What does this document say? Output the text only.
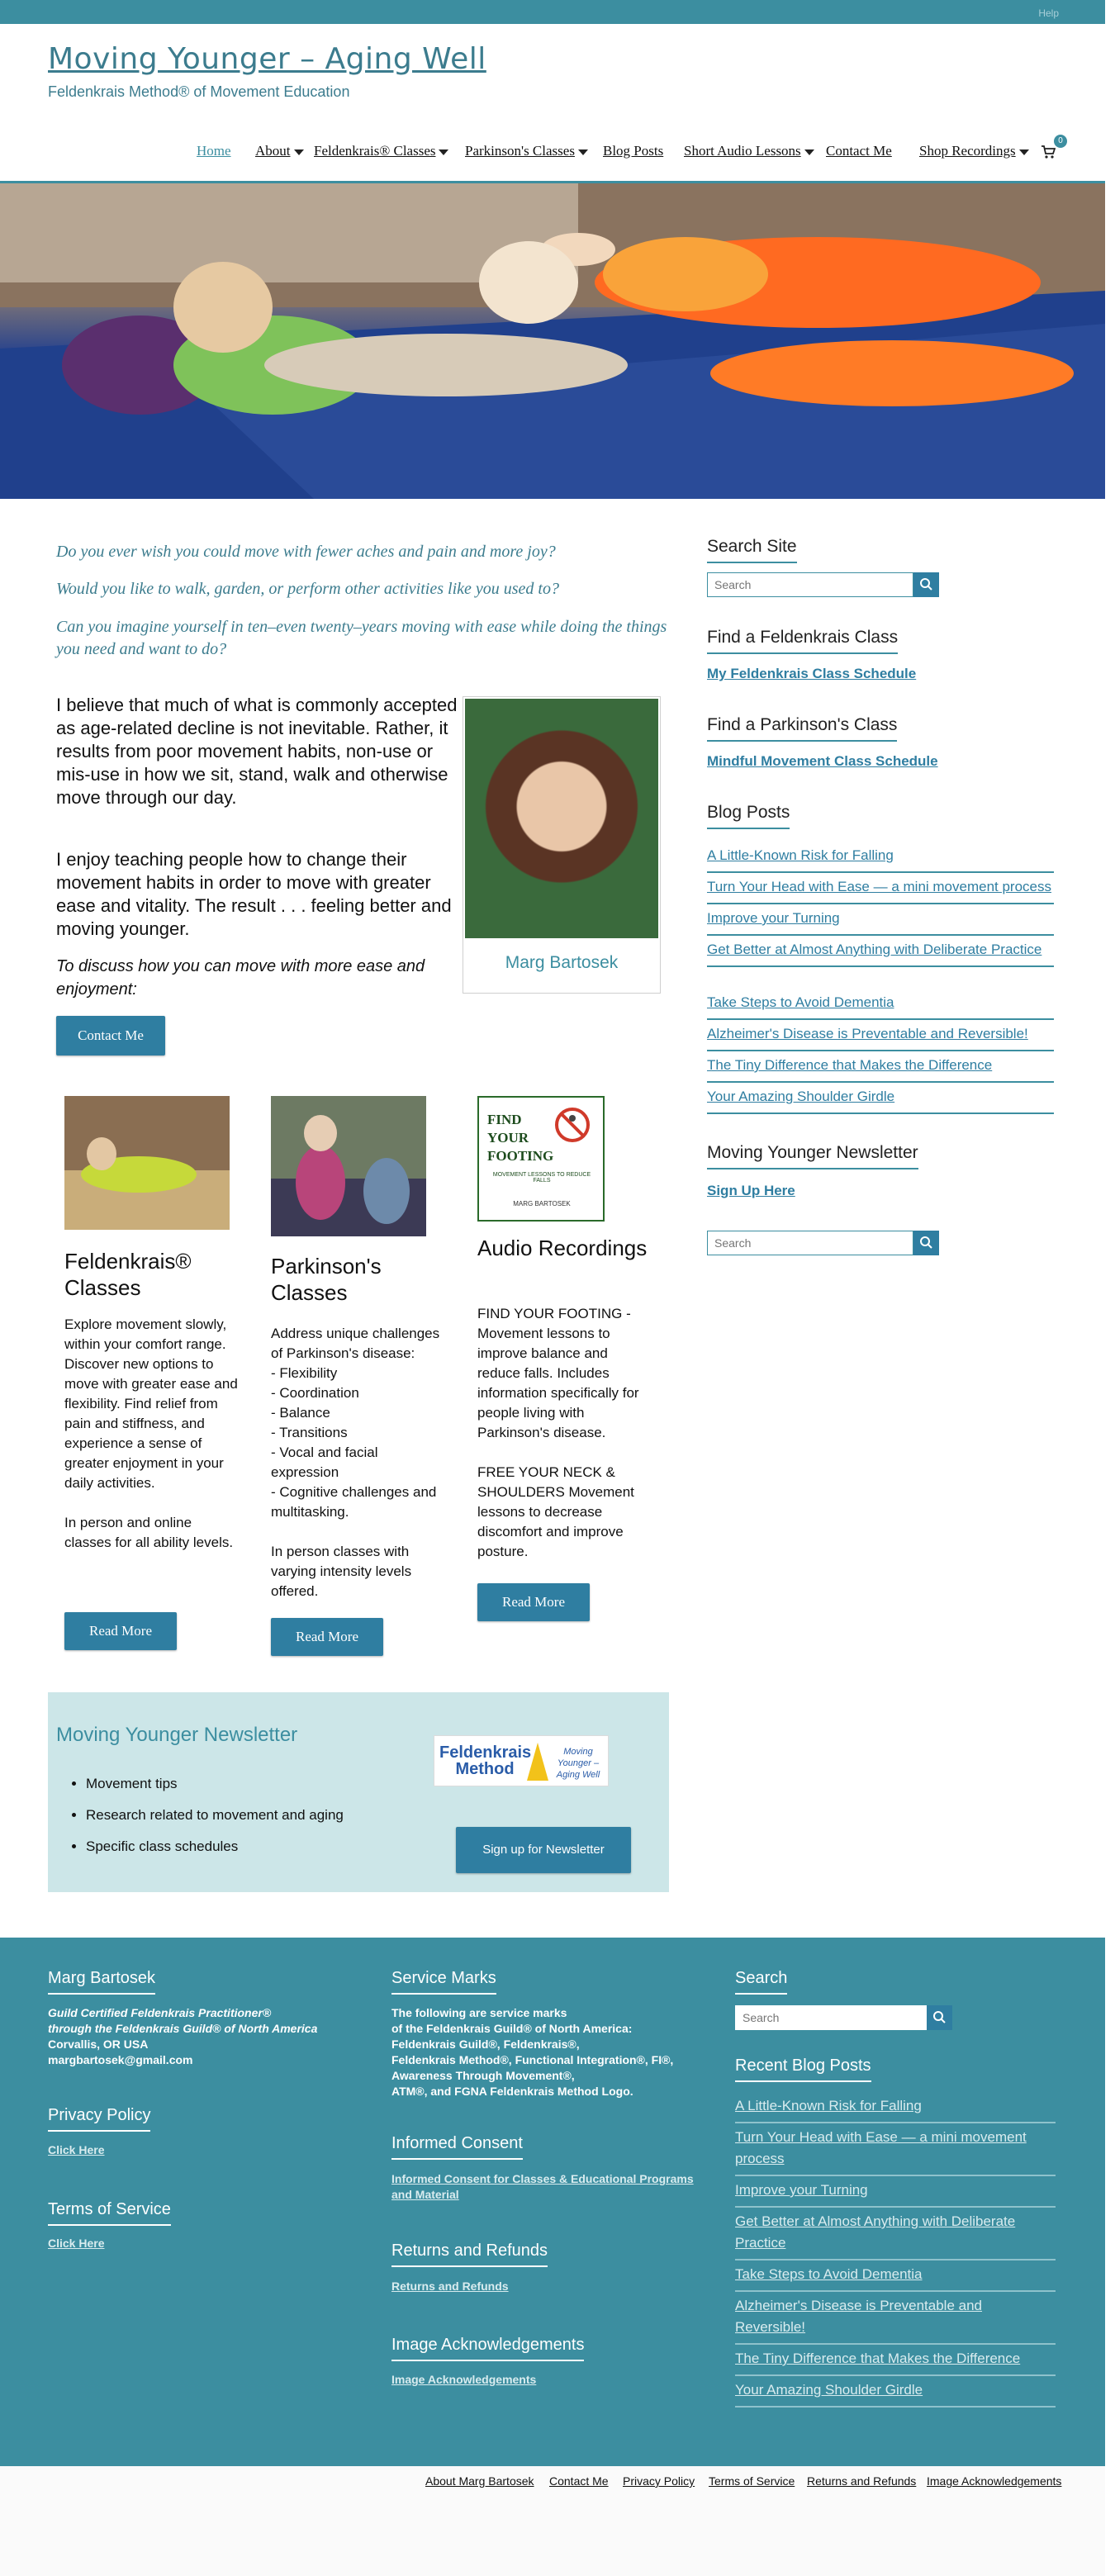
Help
Moving Younger – Aging Well
Feldenkrais Method® of Movement Education
Home About	Feldenkrais® Classes	Parkinson's Classes	Blog Posts Short Audio Lessons	Contact Me Shop Recordings
0

Do you ever wish you could move with fewer aches and pain and more joy?

Would you like to walk, garden, or perform other activities like you used to?

Can you imagine yourself in ten–even twenty–years moving with ease while doing the things you need and want to do?

I believe that much of what is commonly accepted as age-related decline is not inevitable. Rather, it results from poor movement habits, non-use or mis-use in how we sit, stand, walk and otherwise move through our day.

I enjoy teaching people how to change their movement habits in order to move with greater ease and vitality. The result . . . feeling better and moving younger.

To discuss how you can move with more ease and enjoyment:

Contact Me
Marg Bartosek
Feldenkrais® Classes
Explore movement slowly, within your comfort range. Discover new options to move with greater ease and flexibility. Find relief from pain and stiffness, and experience a sense of greater enjoyment in your daily activities.

In person and online classes for all ability levels.
Read More
Parkinson's Classes
Address unique challenges of Parkinson's disease:
- Flexibility
- Coordination
- Balance
- Transitions
- Vocal and facial expression
- Cognitive challenges and multitasking.

In person classes with varying intensity levels offered.
Read More
FIND
YOUR
FOOTING
MOVEMENT LESSONS TO REDUCE FALLS
MARG BARTOSEK
Audio Recordings
FIND YOUR FOOTING - Movement lessons to improve balance and reduce falls. Includes information specifically for people living with Parkinson's disease.

FREE YOUR NECK & SHOULDERS Movement lessons to decrease discomfort and improve posture.
Read More
Moving Younger Newsletter
• Movement tips
• Research related to movement and aging
• Specific class schedules
Feldenkrais Method
Moving Younger – Aging Well
Sign up for Newsletter
Search Site
Search
Find a Feldenkrais Class
My Feldenkrais Class Schedule
Find a Parkinson's Class
Mindful Movement Class Schedule
Blog Posts
A Little-Known Risk for Falling
Turn Your Head with Ease — a mini movement process
Improve your Turning
Get Better at Almost Anything with Deliberate Practice
Take Steps to Avoid Dementia
Alzheimer's Disease is Preventable and Reversible!
The Tiny Difference that Makes the Difference
Your Amazing Shoulder Girdle
Moving Younger Newsletter
Sign Up Here
Search
Marg Bartosek
Guild Certified Feldenkrais Practitioner®
through the Feldenkrais Guild® of North America
Corvallis, OR USA
margbartosek@gmail.com
Privacy Policy
Click Here
Terms of Service
Click Here
Service Marks
The following are service marks
of the Feldenkrais Guild® of North America:
Feldenkrais Guild®, Feldenkrais®,
Feldenkrais Method®, Functional Integration®, FI®,
Awareness Through Movement®,
ATM®, and FGNA Feldenkrais Method Logo.
Informed Consent
Informed Consent for Classes & Educational Programs
and Material
Returns and Refunds
Returns and Refunds
Image Acknowledgements
Image Acknowledgements
Search
Search
Recent Blog Posts
A Little-Known Risk for Falling
Turn Your Head with Ease — a mini movement process
Improve your Turning
Get Better at Almost Anything with Deliberate Practice
Take Steps to Avoid Dementia
Alzheimer's Disease is Preventable and Reversible!
The Tiny Difference that Makes the Difference
Your Amazing Shoulder Girdle
About Marg Bartosek Contact Me Privacy Policy Terms of Service Returns and Refunds Image Acknowledgements
